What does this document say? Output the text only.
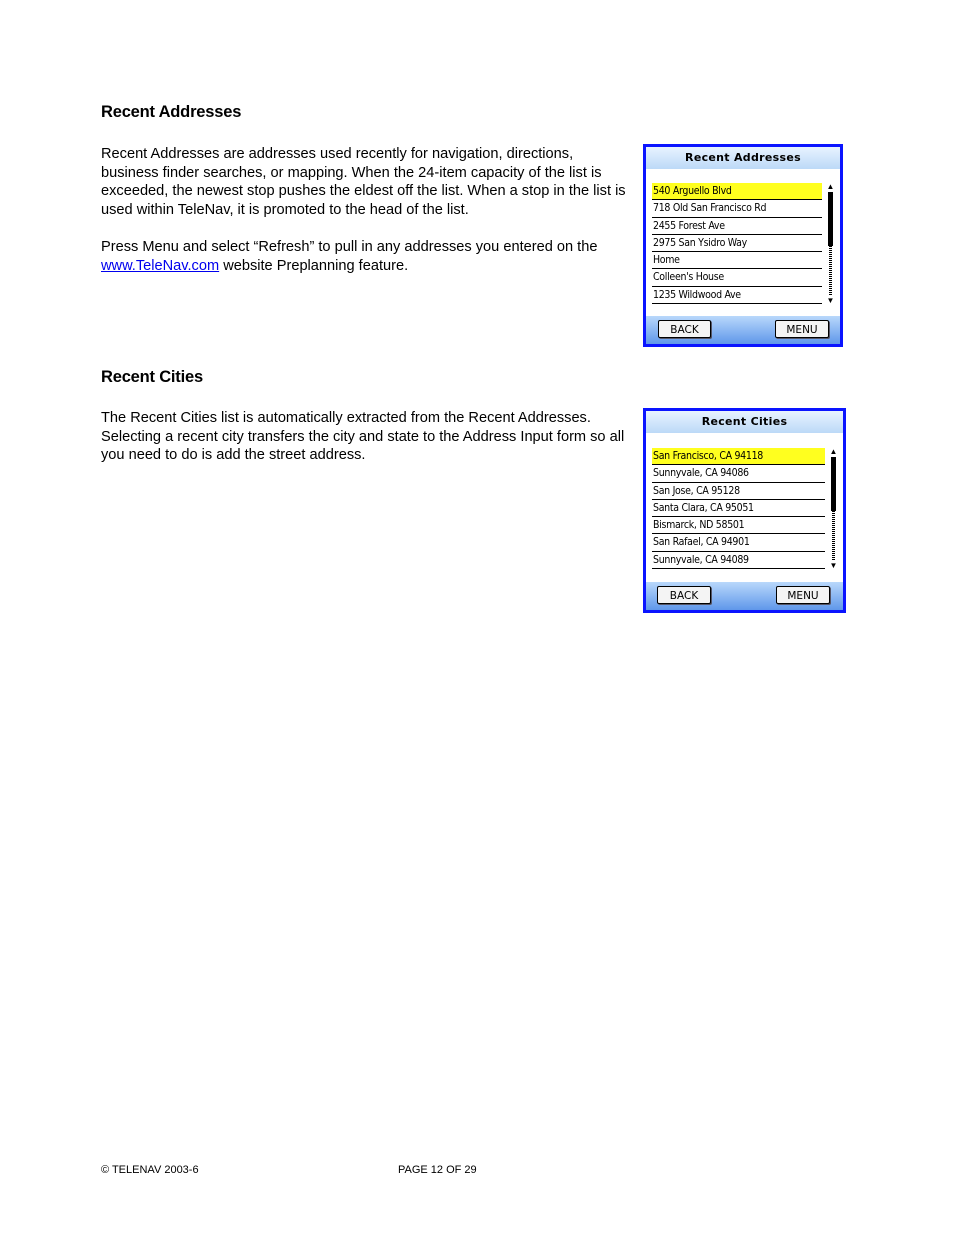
Recent Addresses

Recent Addresses are addresses used recently for navigation, directions, business finder searches, or mapping. When the 24-item capacity of the list is exceeded, the newest stop pushes the eldest off the list. When a stop in the list is used within TeleNav, it is promoted to the head of the list.

Press Menu and select “Refresh” to pull in any addresses you entered on the www.TeleNav.com website Preplanning feature.

Recent Addresses
540 Arguello Blvd
718 Old San Francisco Rd
2455 Forest Ave
2975 San Ysidro Way
Home
Colleen's House
1235 Wildwood Ave
▲
▼
BACK	MENU
Recent Cities

The Recent Cities list is automatically extracted from the Recent Addresses. Selecting a recent city transfers the city and state to the Address Input form so all you need to do is add the street address.

Recent Cities
San Francisco, CA 94118
Sunnyvale, CA 94086
San Jose, CA 95128
Santa Clara, CA 95051
Bismarck, ND 58501
San Rafael, CA 94901
Sunnyvale, CA 94089
▲
▼
BACK	MENU
© TELENAV 2003-6	PAGE 12 OF 29
